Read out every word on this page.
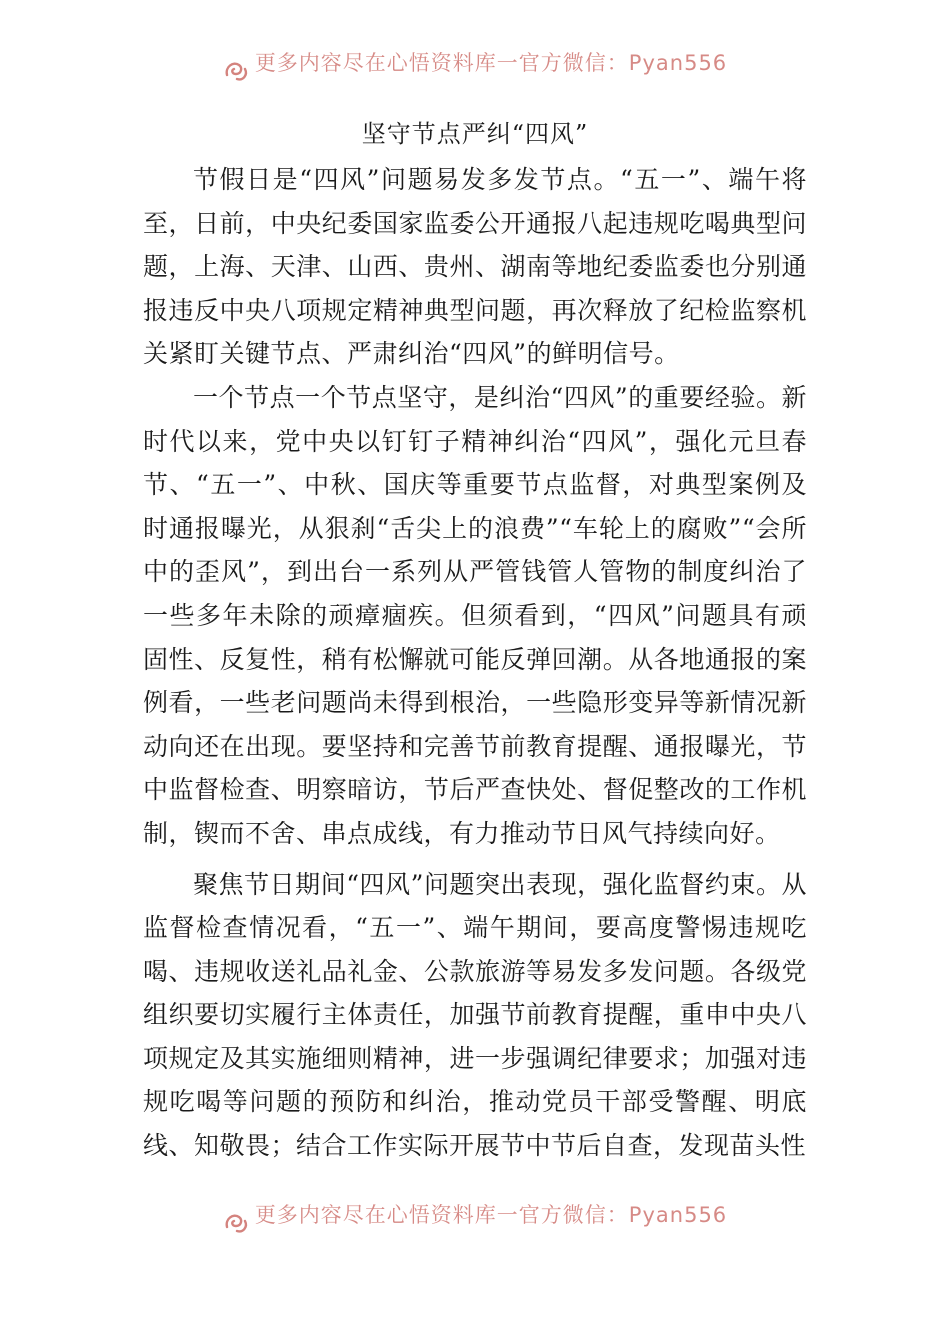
更多内容尽在心悟资料库一官方微信：Pyan556
坚守节点严纠“四风”

节假日是“四风”问题易发多发节点。“五一”、端午将至，日前，中央纪委国家监委公开通报八起违规吃喝典型问题，上海、天津、山西、贵州、湖南等地纪委监委也分别通报违反中央八项规定精神典型问题，再次释放了纪检监察机关紧盯关键节点、严肃纠治“四风”的鲜明信号。

一个节点一个节点坚守，是纠治“四风”的重要经验。新时代以来，党中央以钉钉子精神纠治“四风”，强化元旦春节、“五一”、中秋、国庆等重要节点监督，对典型案例及时通报曝光，从狠刹“舌尖上的浪费”“车轮上的腐败”“会所中的歪风”，到出台一系列从严管钱管人管物的制度纠治了一些多年未除的顽瘴痼疾。但须看到，“四风”问题具有顽固性、反复性，稍有松懈就可能反弹回潮。从各地通报的案例看，一些老问题尚未得到根治，一些隐形变异等新情况新动向还在出现。要坚持和完善节前教育提醒、通报曝光，节中监督检查、明察暗访，节后严查快处、督促整改的工作机制，锲而不舍、串点成线，有力推动节日风气持续向好。

聚焦节日期间“四风”问题突出表现，强化监督约束。从监督检查情况看，“五一”、端午期间，要高度警惕违规吃喝、违规收送礼品礼金、公款旅游等易发多发问题。各级党组织要切实履行主体责任，加强节前教育提醒，重申中央八项规定及其实施细则精神，进一步强调纪律要求；加强对违规吃喝等问题的预防和纠治，推动党员干部受警醒、明底线、知敬畏；结合工作实际开展节中节后自查，发现苗头性

更多内容尽在心悟资料库一官方微信：Pyan556
